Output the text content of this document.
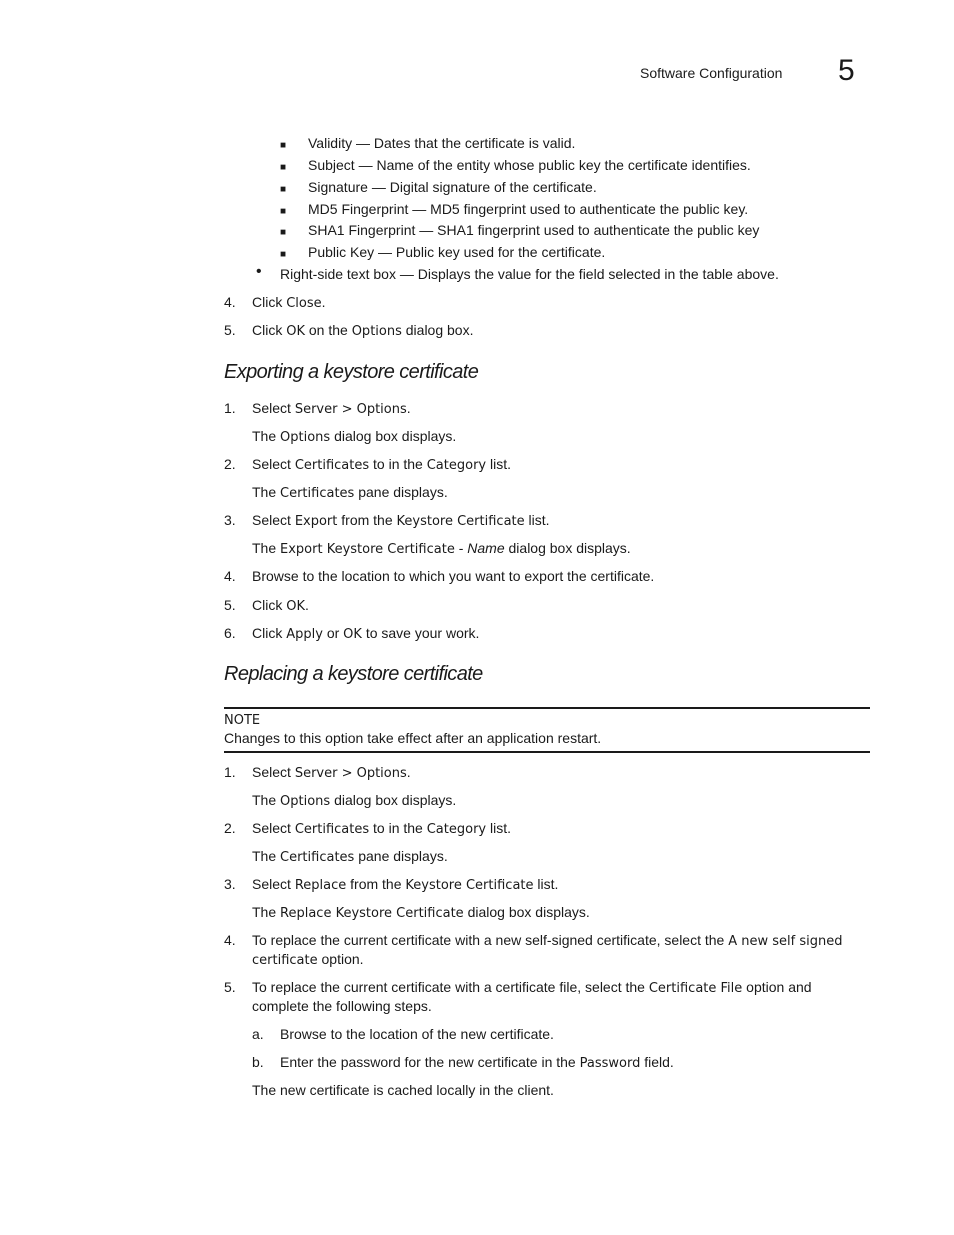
Software Configuration 5
■ Validity — Dates that the certificate is valid.
■ Subject — Name of the entity whose public key the certificate identifies.
■ Signature — Digital signature of the certificate.
■ MD5 Fingerprint — MD5 fingerprint used to authenticate the public key.
■ SHA1 Fingerprint — SHA1 fingerprint used to authenticate the public key
■ Public Key — Public key used for the certificate.
• Right-side text box — Displays the value for the field selected in the table above.
4. Click Close.
5. Click OK on the Options dialog box.
Exporting a keystore certificate
1. Select Server > Options.
The Options dialog box displays.
2. Select Certificates to in the Category list.
The Certificates pane displays.
3. Select Export from the Keystore Certificate list.
The Export Keystore Certificate - Name dialog box displays.
4. Browse to the location to which you want to export the certificate.
5. Click OK.
6. Click Apply or OK to save your work.
Replacing a keystore certificate
NOTE
Changes to this option take effect after an application restart.
1. Select Server > Options.
The Options dialog box displays.
2. Select Certificates to in the Category list.
The Certificates pane displays.
3. Select Replace from the Keystore Certificate list.
The Replace Keystore Certificate dialog box displays.
4. To replace the current certificate with a new self-signed certificate, select the A new self signed
certificate option.
5. To replace the current certificate with a certificate file, select the Certificate File option and
complete the following steps.
a. Browse to the location of the new certificate.
b. Enter the password for the new certificate in the Password field.
The new certificate is cached locally in the client.
